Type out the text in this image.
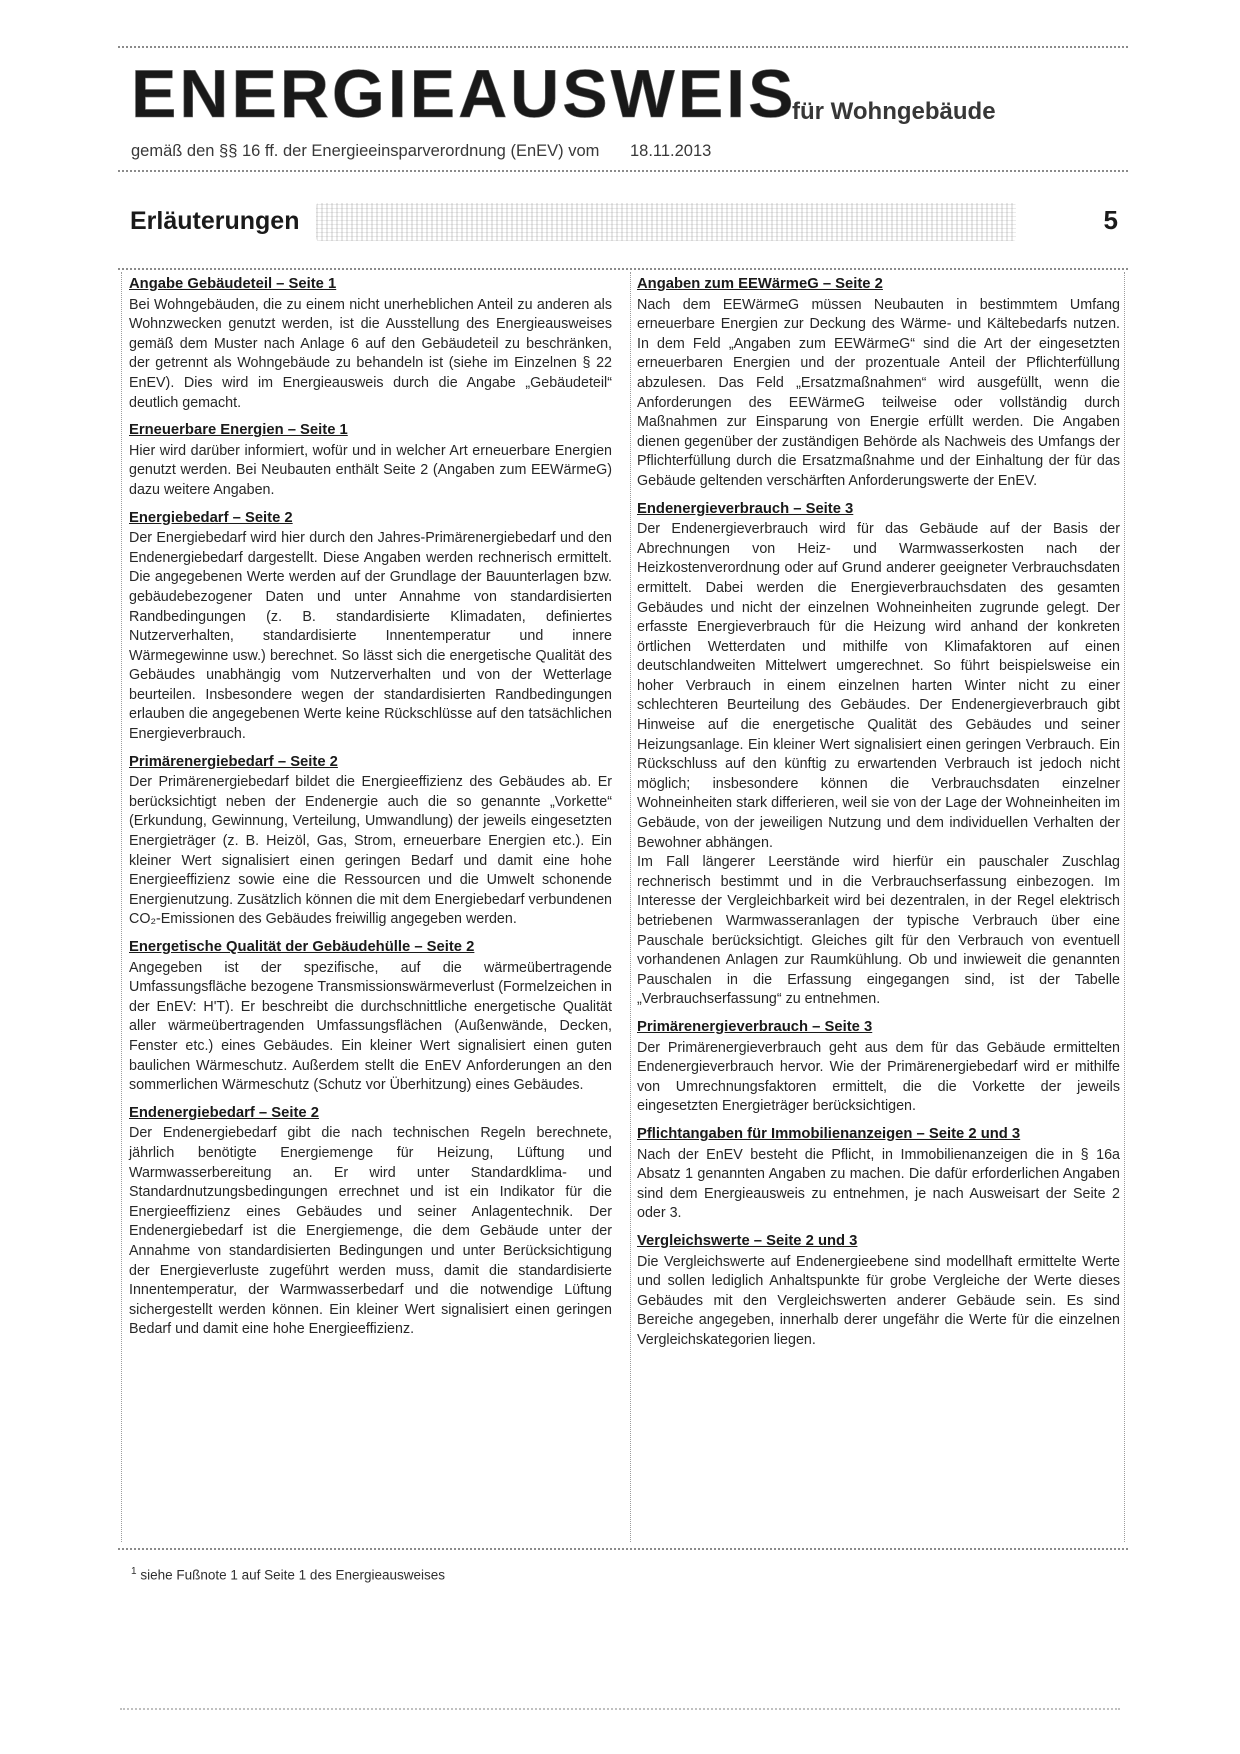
ENERGIEAUSWEIS
für Wohngebäude
gemäß den §§ 16 ff. der Energieeinsparverordnung (EnEV) vom 18.11.2013
Erläuterungen	5
Angabe Gebäudeteil – Seite 1

Bei Wohngebäuden, die zu einem nicht unerheblichen Anteil zu anderen als Wohnzwecken genutzt werden, ist die Ausstellung des Energieausweises gemäß dem Muster nach Anlage 6 auf den Gebäudeteil zu beschränken, der getrennt als Wohngebäude zu behandeln ist (siehe im Einzelnen § 22 EnEV). Dies wird im Energieausweis durch die Angabe „Gebäudeteil“ deutlich gemacht.

Erneuerbare Energien – Seite 1

Hier wird darüber informiert, wofür und in welcher Art erneuerbare Energien genutzt werden. Bei Neubauten enthält Seite 2 (Angaben zum EEWärmeG) dazu weitere Angaben.

Energiebedarf – Seite 2

Der Energiebedarf wird hier durch den Jahres-Primärenergiebedarf und den Endenergiebedarf dargestellt. Diese Angaben werden rechnerisch ermittelt. Die angegebenen Werte werden auf der Grundlage der Bauunterlagen bzw. gebäudebezogener Daten und unter Annahme von standardisierten Randbedingungen (z. B. standardisierte Klimadaten, definiertes Nutzerverhalten, standardisierte Innentemperatur und innere Wärmegewinne usw.) berechnet. So lässt sich die energetische Qualität des Gebäudes unabhängig vom Nutzerverhalten und von der Wetterlage beurteilen. Insbesondere wegen der standardisierten Randbedingungen erlauben die angegebenen Werte keine Rückschlüsse auf den tatsächlichen Energieverbrauch.

Primärenergiebedarf – Seite 2

Der Primärenergiebedarf bildet die Energieeffizienz des Gebäudes ab. Er berücksichtigt neben der Endenergie auch die so genannte „Vorkette“ (Erkundung, Gewinnung, Verteilung, Umwandlung) der jeweils eingesetzten Energieträger (z. B. Heizöl, Gas, Strom, erneuerbare Energien etc.). Ein kleiner Wert signalisiert einen geringen Bedarf und damit eine hohe Energieeffizienz sowie eine die Ressourcen und die Umwelt schonende Energienutzung. Zusätzlich können die mit dem Energiebedarf verbundenen CO₂-Emissionen des Gebäudes freiwillig angegeben werden.

Energetische Qualität der Gebäudehülle – Seite 2

Angegeben ist der spezifische, auf die wärmeübertragende Umfassungsfläche bezogene Transmissionswärmeverlust (Formelzeichen in der EnEV: H'T). Er beschreibt die durchschnittliche energetische Qualität aller wärmeübertragenden Umfassungsflächen (Außenwände, Decken, Fenster etc.) eines Gebäudes. Ein kleiner Wert signalisiert einen guten baulichen Wärmeschutz. Außerdem stellt die EnEV Anforderungen an den sommerlichen Wärmeschutz (Schutz vor Überhitzung) eines Gebäudes.

Endenergiebedarf – Seite 2

Der Endenergiebedarf gibt die nach technischen Regeln berechnete, jährlich benötigte Energiemenge für Heizung, Lüftung und Warmwasserbereitung an. Er wird unter Standardklima- und Standardnutzungsbedingungen errechnet und ist ein Indikator für die Energieeffizienz eines Gebäudes und seiner Anlagentechnik. Der Endenergiebedarf ist die Energiemenge, die dem Gebäude unter der Annahme von standardisierten Bedingungen und unter Berücksichtigung der Energieverluste zugeführt werden muss, damit die standardisierte Innentemperatur, der Warmwasserbedarf und die notwendige Lüftung sichergestellt werden können. Ein kleiner Wert signalisiert einen geringen Bedarf und damit eine hohe Energieeffizienz.

Angaben zum EEWärmeG – Seite 2

Nach dem EEWärmeG müssen Neubauten in bestimmtem Umfang erneuerbare Energien zur Deckung des Wärme- und Kältebedarfs nutzen. In dem Feld „Angaben zum EEWärmeG“ sind die Art der eingesetzten erneuerbaren Energien und der prozentuale Anteil der Pflichterfüllung abzulesen. Das Feld „Ersatzmaßnahmen“ wird ausgefüllt, wenn die Anforderungen des EEWärmeG teilweise oder vollständig durch Maßnahmen zur Einsparung von Energie erfüllt werden. Die Angaben dienen gegenüber der zuständigen Behörde als Nachweis des Umfangs der Pflichterfüllung durch die Ersatzmaßnahme und der Einhaltung der für das Gebäude geltenden verschärften Anforderungswerte der EnEV.

Endenergieverbrauch – Seite 3

Der Endenergieverbrauch wird für das Gebäude auf der Basis der Abrechnungen von Heiz- und Warmwasserkosten nach der Heizkostenverordnung oder auf Grund anderer geeigneter Verbrauchsdaten ermittelt. Dabei werden die Energieverbrauchsdaten des gesamten Gebäudes und nicht der einzelnen Wohneinheiten zugrunde gelegt. Der erfasste Energieverbrauch für die Heizung wird anhand der konkreten örtlichen Wetterdaten und mithilfe von Klimafaktoren auf einen deutschlandweiten Mittelwert umgerechnet. So führt beispielsweise ein hoher Verbrauch in einem einzelnen harten Winter nicht zu einer schlechteren Beurteilung des Gebäudes. Der Endenergieverbrauch gibt Hinweise auf die energetische Qualität des Gebäudes und seiner Heizungsanlage. Ein kleiner Wert signalisiert einen geringen Verbrauch. Ein Rückschluss auf den künftig zu erwartenden Verbrauch ist jedoch nicht möglich; insbesondere können die Verbrauchsdaten einzelner Wohneinheiten stark differieren, weil sie von der Lage der Wohneinheiten im Gebäude, von der jeweiligen Nutzung und dem individuellen Verhalten der Bewohner abhängen.

Im Fall längerer Leerstände wird hierfür ein pauschaler Zuschlag rechnerisch bestimmt und in die Verbrauchserfassung einbezogen. Im Interesse der Vergleichbarkeit wird bei dezentralen, in der Regel elektrisch betriebenen Warmwasseranlagen der typische Verbrauch über eine Pauschale berücksichtigt. Gleiches gilt für den Verbrauch von eventuell vorhandenen Anlagen zur Raumkühlung. Ob und inwieweit die genannten Pauschalen in die Erfassung eingegangen sind, ist der Tabelle „Verbrauchserfassung“ zu entnehmen.

Primärenergieverbrauch – Seite 3

Der Primärenergieverbrauch geht aus dem für das Gebäude ermittelten Endenergieverbrauch hervor. Wie der Primärenergiebedarf wird er mithilfe von Umrechnungsfaktoren ermittelt, die die Vorkette der jeweils eingesetzten Energieträger berücksichtigen.

Pflichtangaben für Immobilienanzeigen – Seite 2 und 3

Nach der EnEV besteht die Pflicht, in Immobilienanzeigen die in § 16a Absatz 1 genannten Angaben zu machen. Die dafür erforderlichen Angaben sind dem Energieausweis zu entnehmen, je nach Ausweisart der Seite 2 oder 3.

Vergleichswerte – Seite 2 und 3

Die Vergleichswerte auf Endenergieebene sind modellhaft ermittelte Werte und sollen lediglich Anhaltspunkte für grobe Vergleiche der Werte dieses Gebäudes mit den Vergleichswerten anderer Gebäude sein. Es sind Bereiche angegeben, innerhalb derer ungefähr die Werte für die einzelnen Vergleichskategorien liegen.

$^1$ siehe Fußnote 1 auf Seite 1 des Energieausweises
